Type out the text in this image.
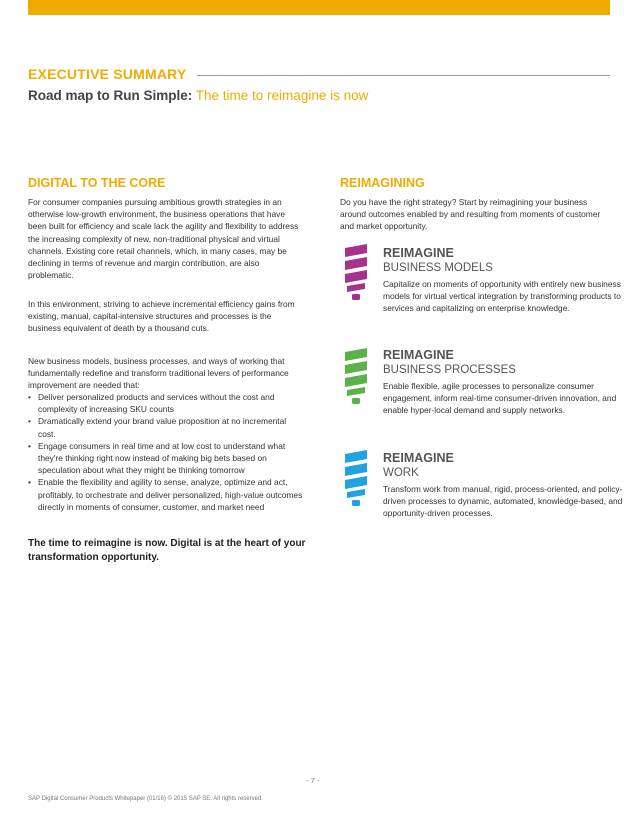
EXECUTIVE SUMMARY
Road map to Run Simple: The time to reimagine is now
DIGITAL TO THE CORE

For consumer companies pursuing ambitious growth strategies in an otherwise low-growth environment, the business operations that have been built for efficiency and scale lack the agility and flexibility to address the increasing complexity of new, non-traditional physical and virtual channels. Existing core retail channels, which, in many cases, may be declining in terms of revenue and margin contribution, are also problematic.

In this environment, striving to achieve incremental efficiency gains from existing, manual, capital-intensive structures and processes is the business equivalent of death by a thousand cuts.

New business models, business processes, and ways of working that fundamentally redefine and transform traditional levers of performance improvement are needed that:

• Deliver personalized products and services without the cost and complexity of increasing SKU counts
• Dramatically extend your brand value proposition at no incremental cost.
• Engage consumers in real time and at low cost to understand what they're thinking right now instead of making big bets based on speculation about what they might be thinking tomorrow
• Enable the flexibility and agility to sense, analyze, optimize and act, profitably, to orchestrate and deliver personalized, high-value outcomes directly in moments of consumer, customer, and market need

The time to reimagine is now. Digital is at the heart of your transformation opportunity.

REIMAGINING

Do you have the right strategy? Start by reimagining your business around outcomes enabled by and resulting from moments of customer and market opportunity.

REIMAGINE
BUSINESS MODELS

Capitalize on moments of opportunity with entirely new business models for virtual vertical integration by transforming products to services and capitalizing on enterprise knowledge.

REIMAGINE
BUSINESS PROCESSES

Enable flexible, agile processes to personalize consumer engagement, inform real-time consumer-driven innovation, and enable hyper-local demand and supply networks.

REIMAGINE
WORK

Transform work from manual, rigid, process-oriented, and policy-driven processes to dynamic, automated, knowledge-based, and opportunity-driven processes.

- 7 -
SAP Digital Consumer Products Whitepaper (01/16) © 2015 SAP SE. All rights reserved.
